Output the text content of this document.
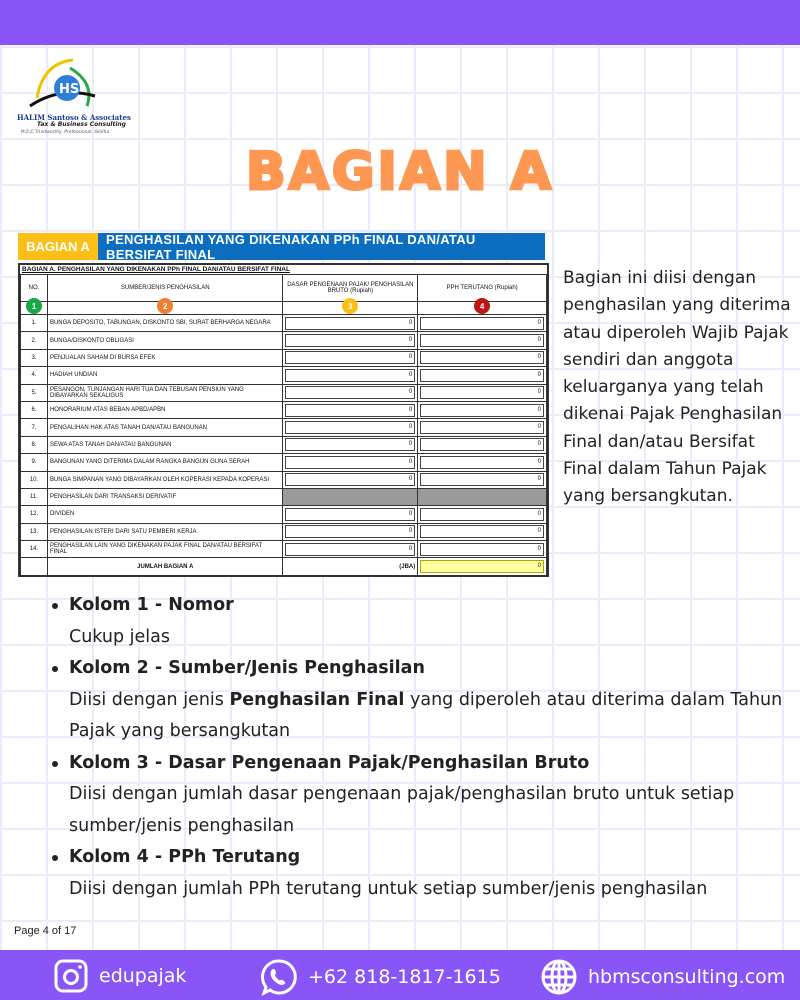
HS
HALIM Santoso & Associates
Tax & Business Consulting
林忠忠 Trustworthy, Professional, Skillful
BAGIAN A
BAGIAN A	PENGHASILAN YANG DIKENAKAN PPh FINAL DAN/ATAU BERSIFAT FINAL
BAGIAN A. PENGHASILAN YANG DIKENAKAN PPh FINAL DAN/ATAU BERSIFAT FINAL
NO.	SUMBER/JENIS PENGHASILAN	DASAR PENGENAAN PAJAK/ PENGHASILAN BRUTO (Rupiah)	PPH TERUTANG (Rupiah)

1	2	3	4

1.	BUNGA DEPOSITO, TABUNGAN, DISKONTO SBI, SURAT BERHARGA NEGARA	0	0

2.	BUNGA/DISKONTO OBLIGASI	0	0

3.	PENJUALAN SAHAM DI BURSA EFEK	0	0

4.	HADIAH UNDIAN	0	0

5.	PESANGON, TUNJANGAN HARI TUA DAN TEBUSAN PENSIUN YANG DIBAYARKAN SEKALIGUS	0	0

6.	HONORARIUM ATAS BEBAN APBD/APBN	0	0

7.	PENGALIHAN HAK ATAS TANAH DAN/ATAU BANGUNAN	0	0

8.	SEWA ATAS TANAH DAN/ATAU BANGUNAN	0	0

9.	BANGUNAN YANG DITERIMA DALAM RANGKA BANGUN GUNA SERAH	0	0

10.	BUNGA SIMPANAN YANG DIBAYARKAN OLEH KOPERASI KEPADA KOPERASI	0	0

11.	PENGHASILAN DARI TRANSAKSI DERIVATIF		
12.	DIVIDEN	0	0

13.	PENGHASILAN ISTERI DARI SATU PEMBERI KERJA	0	0

14.	PENGHASILAN LAIN YANG DIKENAKAN PAJAK FINAL DAN/ATAU BERSIFAT FINAL	0	0

	JUMLAH BAGIAN A	(JBA)	0
Bagian ini diisi dengan penghasilan yang diterima atau diperoleh Wajib Pajak sendiri dan anggota keluarganya yang telah dikenai Pajak Penghasilan Final dan/atau Bersifat Final dalam Tahun Pajak yang bersangkutan.
Kolom 1 - Nomor
Cukup jelas
Kolom 2 - Sumber/Jenis Penghasilan
Diisi dengan jenis Penghasilan Final yang diperoleh atau diterima dalam Tahun Pajak yang bersangkutan
Kolom 3 - Dasar Pengenaan Pajak/Penghasilan Bruto
Diisi dengan jumlah dasar pengenaan pajak/penghasilan bruto untuk setiap sumber/jenis penghasilan
Kolom 4 - PPh Terutang
Diisi dengan jumlah PPh terutang untuk setiap sumber/jenis penghasilan
Page 4 of 17
edupajak	+62 818-1817-1615	hbmsconsulting.com
